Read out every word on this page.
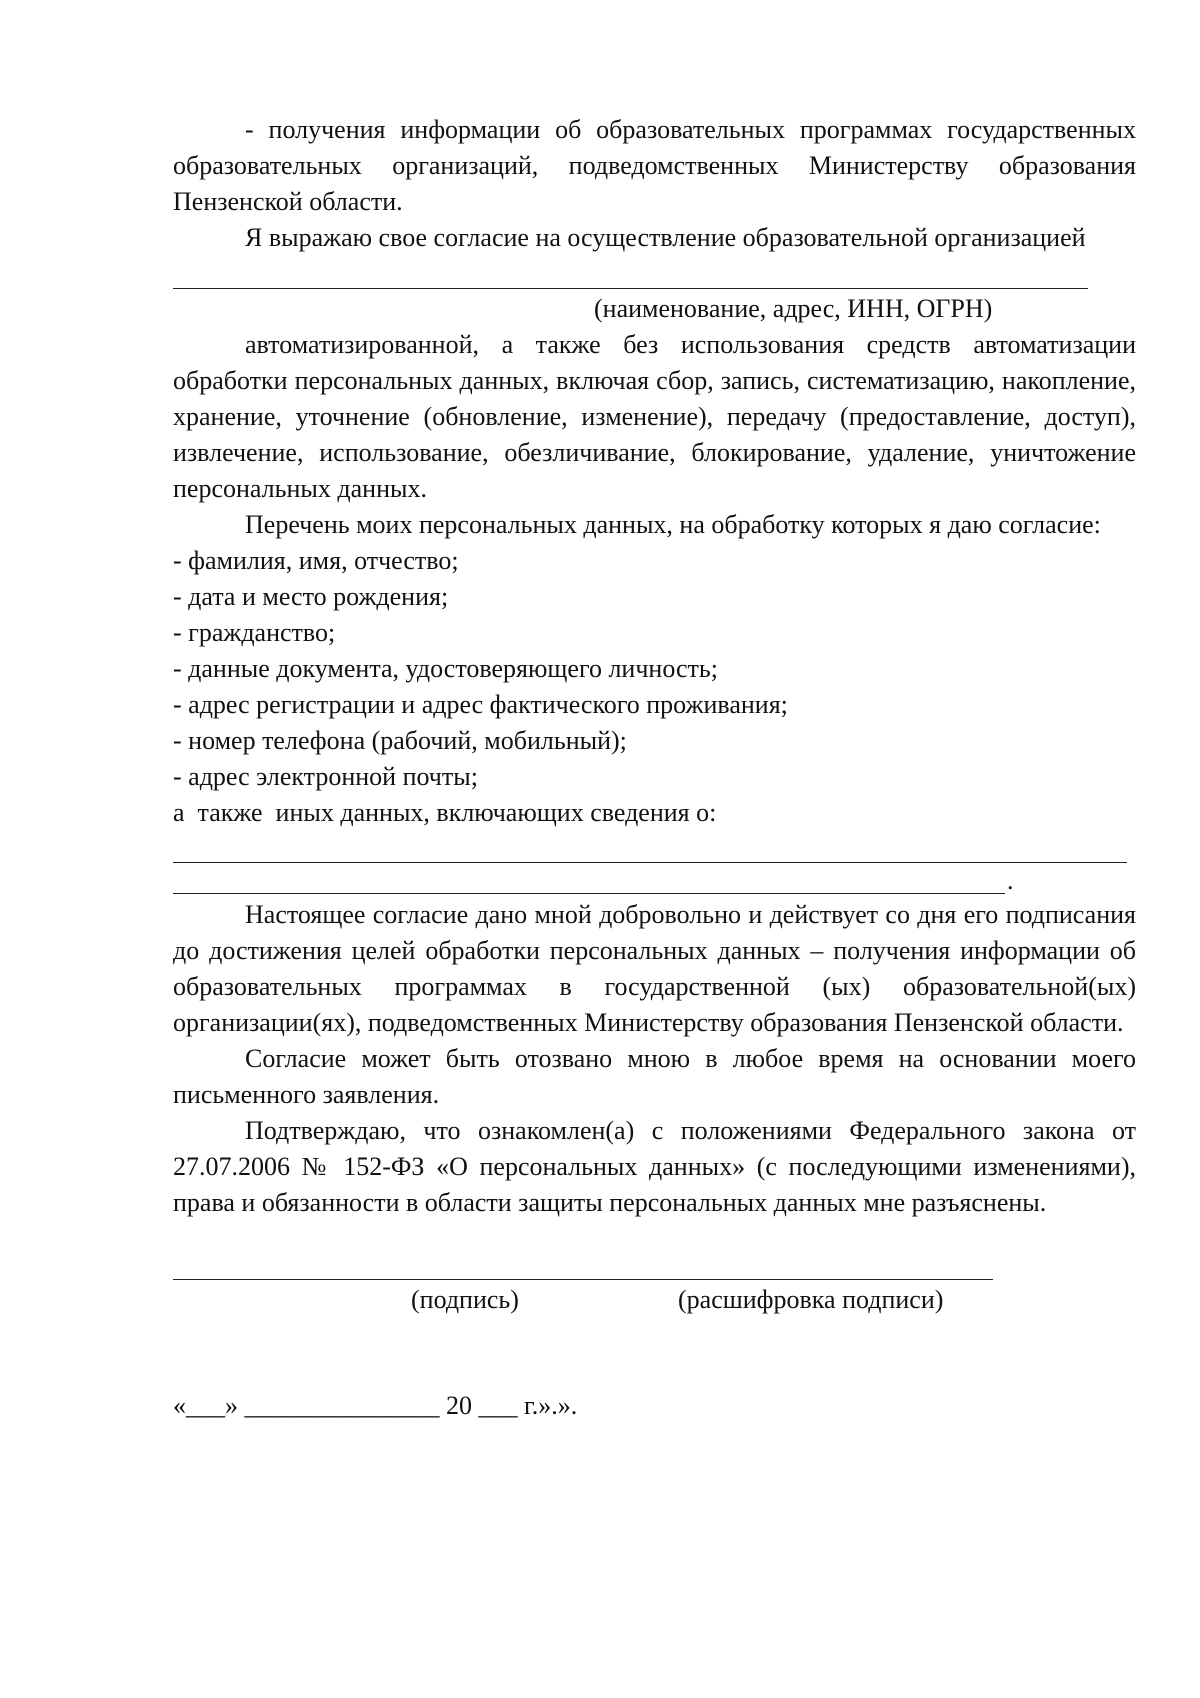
- получения информации об образовательных программах государственных образовательных организаций, подведомственных Министерству образования Пензенской области.

Я выражаю свое согласие на осуществление образовательной организацией

(наименование, адрес, ИНН, ОГРН)

автоматизированной, а также без использования средств автоматизации обработки персональных данных, включая сбор, запись, систематизацию, накопление, хранение, уточнение (обновление, изменение), передачу (предоставление, доступ), извлечение, использование, обезличивание, блокирование, удаление, уничтожение персональных данных.

Перечень моих персональных данных, на обработку которых я даю согласие:

- фамилия, имя, отчество;

- дата и место рождения;

- гражданство;

- данные документа, удостоверяющего личность;

- адрес регистрации и адрес фактического проживания;

- номер телефона (рабочий, мобильный);

- адрес электронной почты;

а  также  иных данных, включающих сведения о:

.

Настоящее согласие дано мной добровольно и действует со дня его подписания до достижения целей обработки персональных данных – получения информации об образовательных программах в государственной (ых) образовательной(ых) организации(ях), подведомственных Министерству образования Пензенской области.

Согласие может быть отозвано мною в любое время на основании моего письменного заявления.

Подтверждаю, что ознакомлен(а) с положениями Федерального закона от 27.07.2006 № 152-ФЗ «О персональных данных» (с последующими изменениями), права и обязанности в области защиты персональных данных мне разъяснены.

(подпись)	(расшифровка подписи)

«___» _______________ 20 ___ г.».».
